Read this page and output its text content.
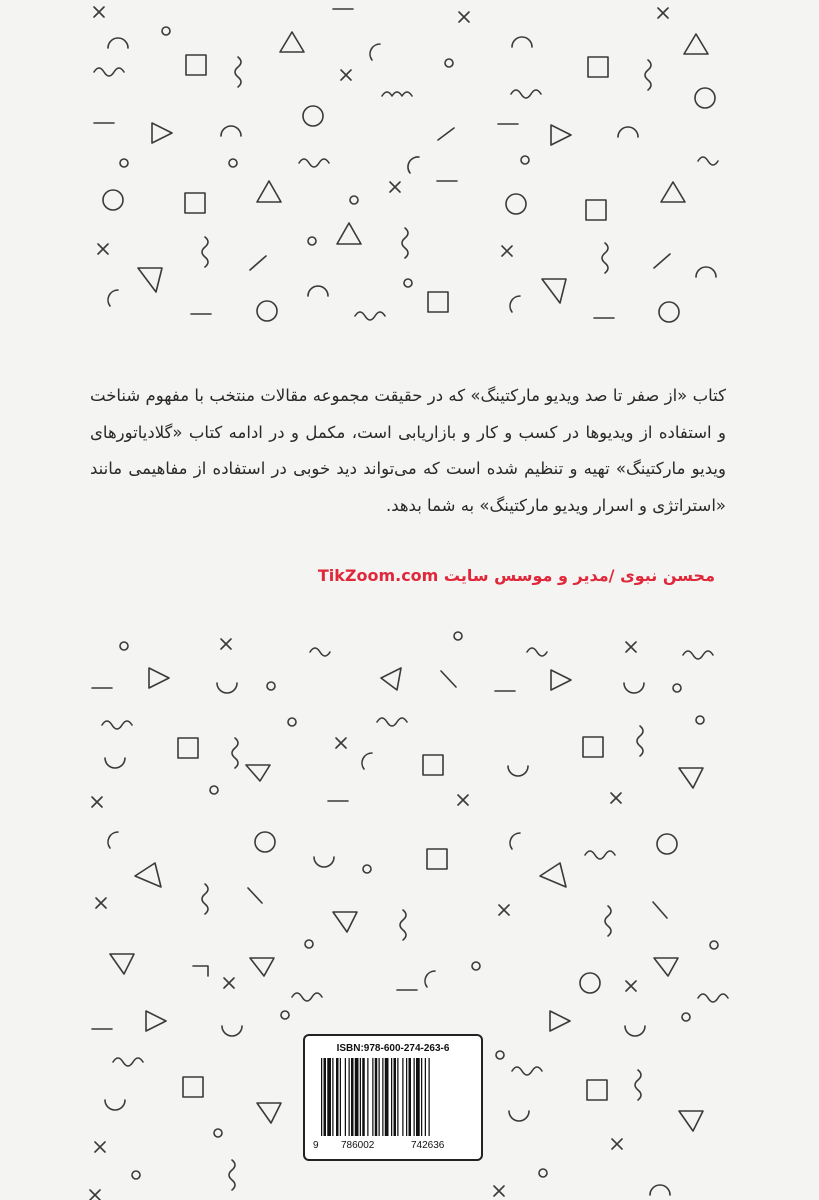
کتاب «از صفر تا صد ویدیو مارکتینگ» که در حقیقت مجموعه مقالات منتخب با مفهوم شناخت و استفاده از ویدیوها در کسب و کار و بازاریابی است، مکمل و در ادامه کتاب «گلادیاتورهای ویدیو مارکتینگ» تهیه و تنظیم شده است که می‌تواند دید خوبی در استفاده از مفاهیمی مانند «استراتژی و اسرار ویدیو مارکتینگ» به شما بدهد.

محسن نبوی /مدیر و موسس سایت TikZoom.com

ISBN:978-600-274-263-6
9 786002	742636
